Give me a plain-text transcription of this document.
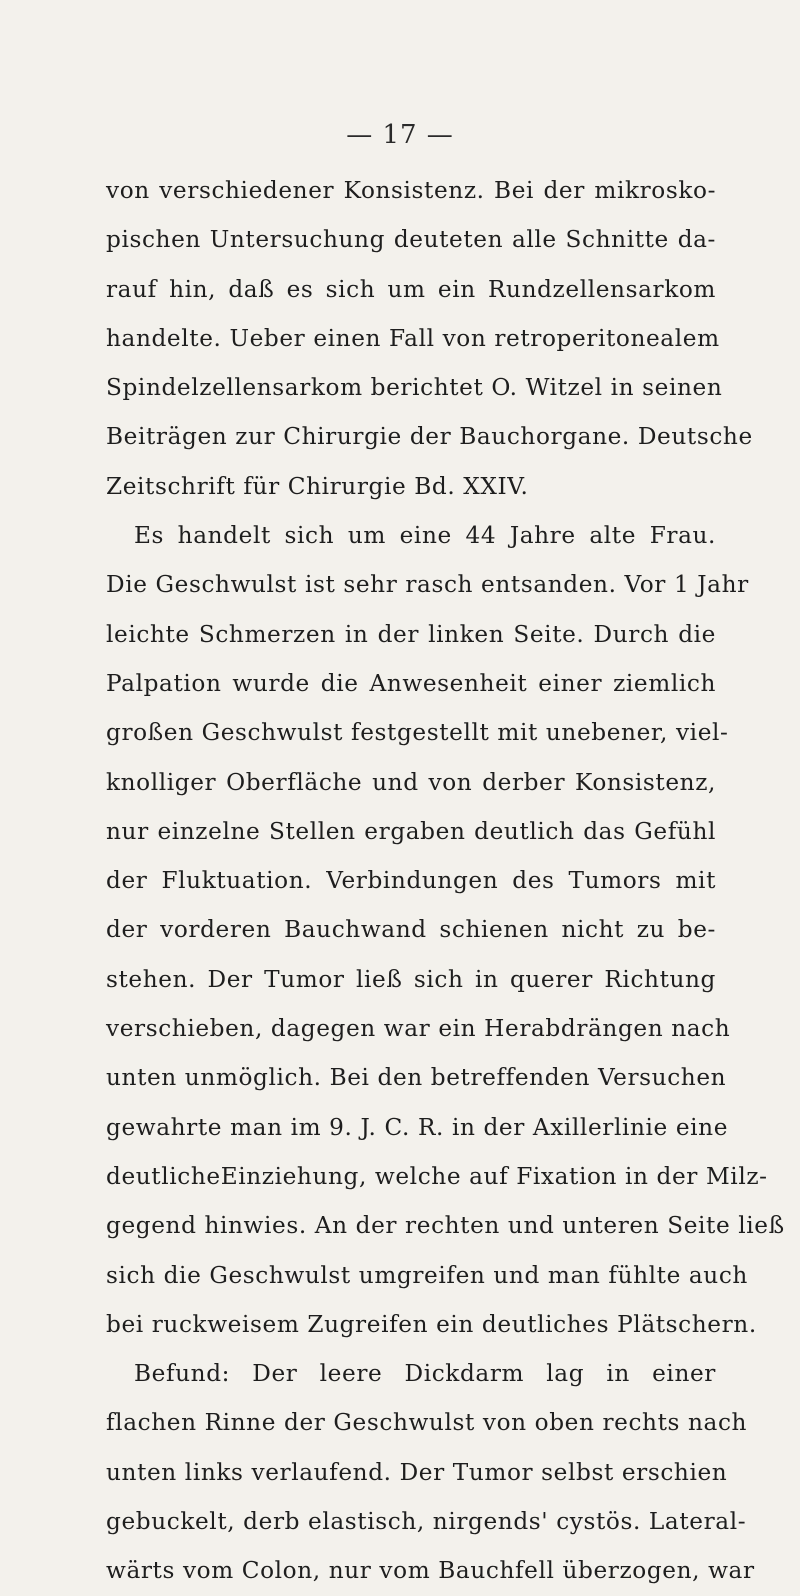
— 17 —
von verschiedener Konsistenz. Bei der mikrosko-
pischen Untersuchung deuteten alle Schnitte da-
rauf hin, daß es sich um ein Rundzellensarkom
handelte. Ueber einen Fall von retroperitonealem
Spindelzellensarkom berichtet O. Witzel in seinen
Beiträgen zur Chirurgie der Bauchorgane. Deutsche
Zeitschrift für Chirurgie Bd. XXIV.
Es handelt sich um eine 44 Jahre alte Frau.
Die Geschwulst ist sehr rasch entsanden. Vor 1 Jahr
leichte Schmerzen in der linken Seite. Durch die
Palpation wurde die Anwesenheit einer ziemlich
großen Geschwulst festgestellt mit unebener, viel-
knolliger Oberfläche und von derber Konsistenz,
nur einzelne Stellen ergaben deutlich das Gefühl
der Fluktuation. Verbindungen des Tumors mit
der vorderen Bauchwand schienen nicht zu be-
stehen. Der Tumor ließ sich in querer Richtung
verschieben, dagegen war ein Herabdrängen nach
unten unmöglich. Bei den betreffenden Versuchen
gewahrte man im 9. J. C. R. in der Axillerlinie eine
deutlicheEinziehung, welche auf Fixation in der Milz-
gegend hinwies. An der rechten und unteren Seite ließ
sich die Geschwulst umgreifen und man fühlte auch
bei ruckweisem Zugreifen ein deutliches Plätschern.
Befund: Der leere Dickdarm lag in einer
flachen Rinne der Geschwulst von oben rechts nach
unten links verlaufend. Der Tumor selbst erschien
gebuckelt, derb elastisch, nirgends' cystös. Lateral-
wärts vom Colon, nur vom Bauchfell überzogen, war
